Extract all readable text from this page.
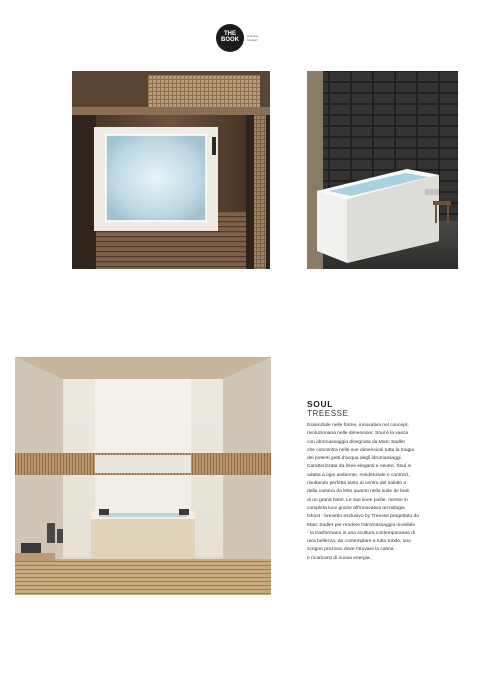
THE
BOOK
scenario
i design
SOUL
TREESSE
Essenziale nelle forme, innovativa nel concept,
rivoluzionaria nelle dimensioni: Soul è la vasca
con idromassaggio disegnata da Marc Sadler
che concentra nelle sue dimensioni tutta la magia
dei potenti getti d'acqua degli idromassaggi.
Caratterizzata da linee eleganti e neutre, Soul si
adatta a ogni ambiente, residenziale e contract,
risultando perfetta tanto al centro del salotto o
della camera da letto quanto nella suite de bain
di un grand hotel. Le sue linee pulite, messe in
completa luce grazie all'innovativa tecnologia
Ghost - brevetto esclusivo by Treesse progettato da
Marc Sadler per rendere l'idromassaggio invisibile
- la trasformano in una scultura contemporanea di
rara bellezza, da contemplare a tutto tondo, uno
scrigno prezioso dove ritrovare la calma
e ricaricarsi di nuova energia.
